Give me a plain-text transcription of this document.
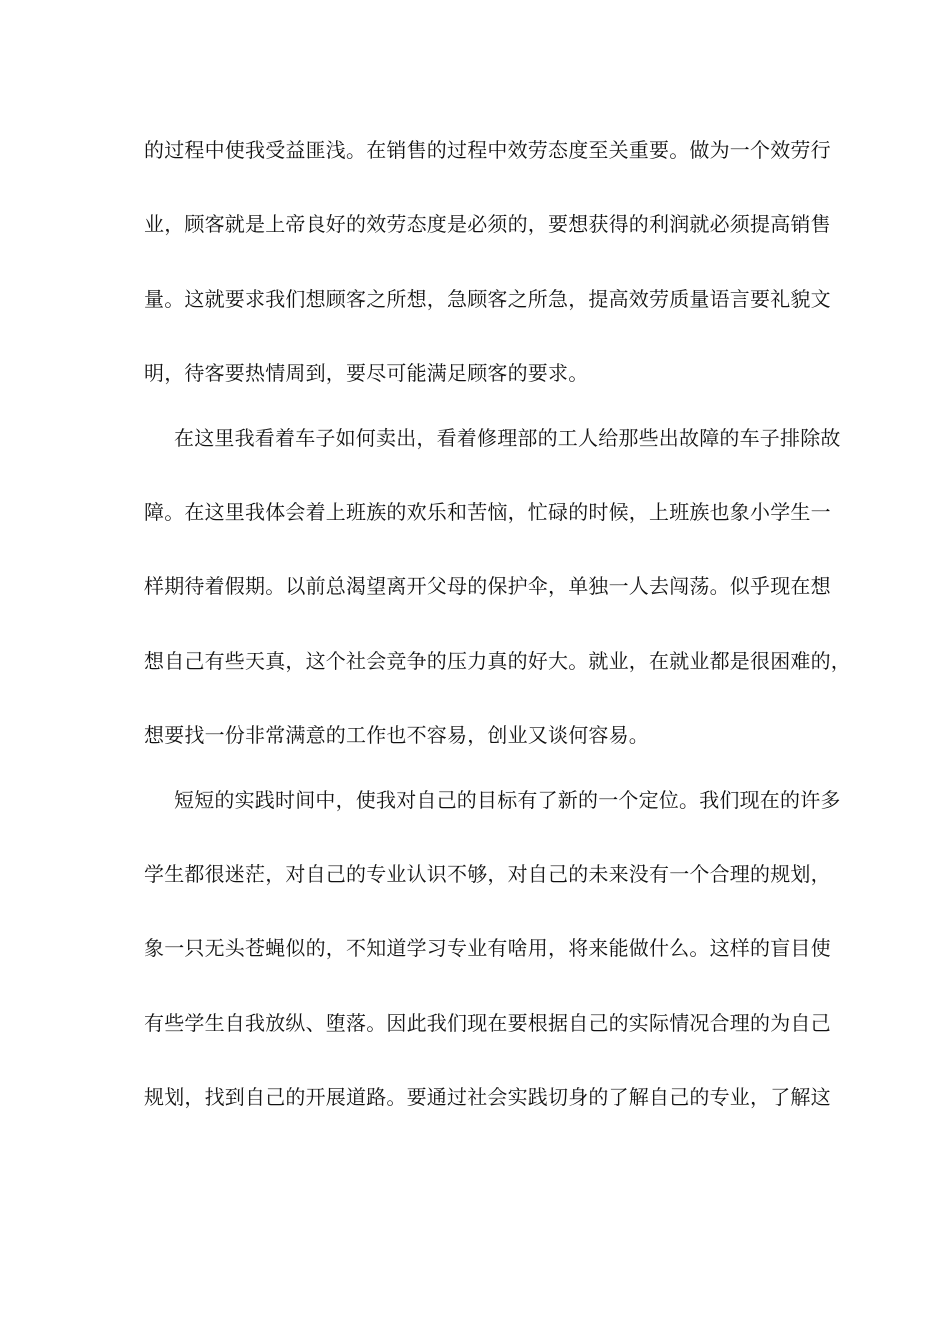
的过程中使我受益匪浅。在销售的过程中效劳态度至关重要。做为一个效劳行
业，顾客就是上帝良好的效劳态度是必须的，要想获得的利润就必须提高销售
量。这就要求我们想顾客之所想，急顾客之所急，提高效劳质量语言要礼貌文
明，待客要热情周到，要尽可能满足顾客的要求。
在这里我看着车子如何卖出，看着修理部的工人给那些出故障的车子排除故
障。在这里我体会着上班族的欢乐和苦恼，忙碌的时候，上班族也象小学生一
样期待着假期。以前总渴望离开父母的保护伞，单独一人去闯荡。似乎现在想
想自己有些天真，这个社会竞争的压力真的好大。就业，在就业都是很困难的，
想要找一份非常满意的工作也不容易，创业又谈何容易。
短短的实践时间中，使我对自己的目标有了新的一个定位。我们现在的许多
学生都很迷茫，对自己的专业认识不够，对自己的未来没有一个合理的规划，
象一只无头苍蝇似的，不知道学习专业有啥用，将来能做什么。这样的盲目使
有些学生自我放纵、堕落。因此我们现在要根据自己的实际情况合理的为自己
规划，找到自己的开展道路。要通过社会实践切身的了解自己的专业，了解这
